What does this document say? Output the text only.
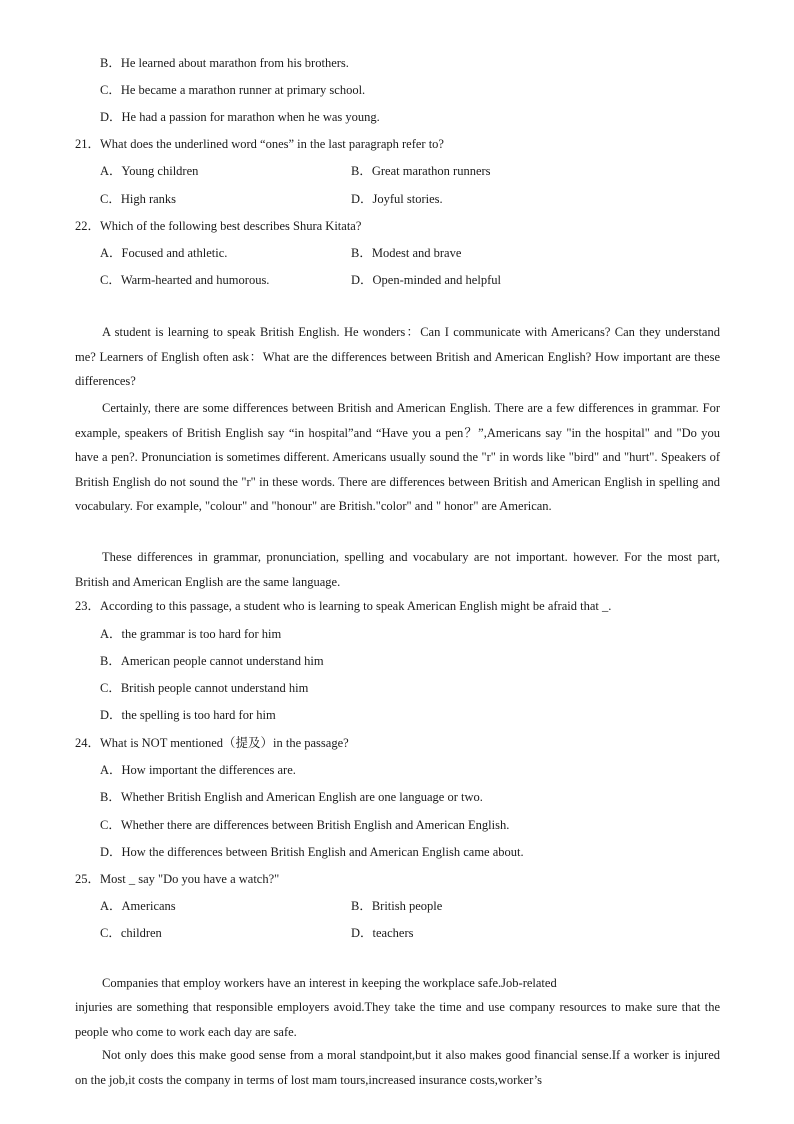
B．He learned about marathon from his brothers.
C．He became a marathon runner at primary school.
D．He had a passion for marathon when he was young.
21．What does the underlined word “ones” in the last paragraph refer to?
A．Young children	B．Great marathon runners
C．High ranks	D．Joyful stories.
22．Which of the following best describes Shura Kitata?
A．Focused and athletic.	B．Modest and brave
C．Warm-hearted and humorous.	D．Open-minded and helpful
A student is learning to speak British English. He wonders：Can I communicate with Americans? Can they understand me? Learners of English often ask：What are the differences between British and American English? How important are these differences?
Certainly, there are some differences between British and American English. There are a few differences in grammar. For example, speakers of British English say “in hospital”and “Have you a pen？”,Americans say "in the hospital" and "Do you have a pen?. Pronunciation is sometimes different. Americans usually sound the "r" in words like "bird" and "hurt". Speakers of British English do not sound the "r" in these words. There are differences between British and American English in spelling and vocabulary. For example, "colour" and "honour" are British."color" and " honor" are American.
These differences in grammar, pronunciation, spelling and vocabulary are not important. however. For the most part, British and American English are the same language.
23．According to this passage, a student who is learning to speak American English might be afraid that _.
A．the grammar is too hard for him
B．American people cannot understand him
C．British people cannot understand him
D．the spelling is too hard for him
24．What is NOT mentioned（提及）in the passage?
A．How important the differences are.
B．Whether British English and American English are one language or two.
C．Whether there are differences between British English and American English.
D．How the differences between British English and American English came about.
25．Most _ say "Do you have a watch?"
A．Americans	B．British people
C．children	D．teachers
Companies that employ workers have an interest in keeping the workplace safe.Job-related
injuries are something that responsible employers avoid.They take the time and use company resources to make sure that the people who come to work each day are safe.
Not only does this make good sense from a moral standpoint,but it also makes good financial sense.If a worker is injured on the job,it costs the company in terms of lost mam tours,increased insurance costs,worker’s
